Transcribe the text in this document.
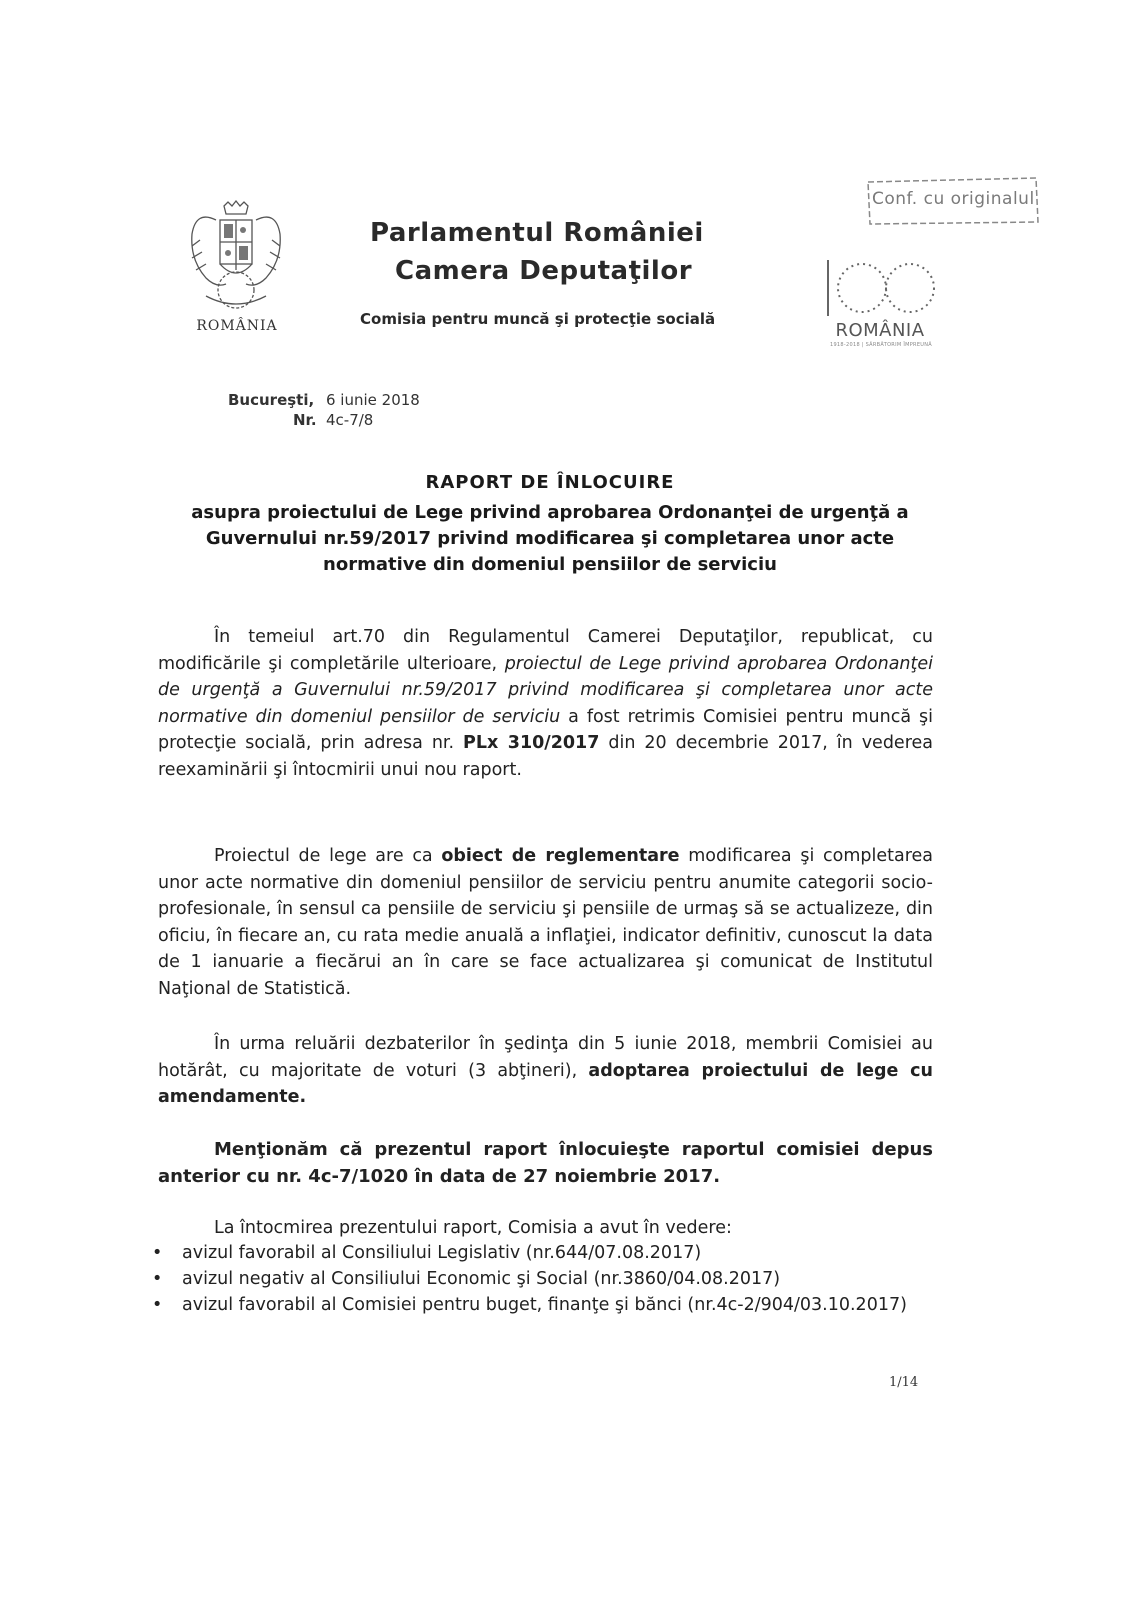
ROMÂNIA
Parlamentul României
Camera Deputaţilor
Comisia pentru muncă şi protecţie socială
Conf. cu originalul
ROMÂNIA
1918-2018 | SĂRBĂTORIM ÎMPREUNĂ
Bucureşti, 6 iunie 2018
Nr. 4c-7/8
RAPORT DE ÎNLOCUIRE
asupra proiectului de Lege privind aprobarea Ordonanţei de urgenţă a Guvernului nr.59/2017 privind modificarea şi completarea unor acte normative din domeniul pensiilor de serviciu
În temeiul art.70 din Regulamentul Camerei Deputaţilor, republicat, cu modificările şi completările ulterioare, proiectul de Lege privind aprobarea Ordonanţei de urgenţă a Guvernului nr.59/2017 privind modificarea şi completarea unor acte normative din domeniul pensiilor de serviciu a fost retrimis Comisiei pentru muncă şi protecţie socială, prin adresa nr. PLx 310/2017 din 20 decembrie 2017, în vederea reexaminării şi întocmirii unui nou raport.
Proiectul de lege are ca obiect de reglementare modificarea şi completarea unor acte normative din domeniul pensiilor de serviciu pentru anumite categorii socio-profesionale, în sensul ca pensiile de serviciu şi pensiile de urmaş să se actualizeze, din oficiu, în fiecare an, cu rata medie anuală a inflaţiei, indicator definitiv, cunoscut la data de 1 ianuarie a fiecărui an în care se face actualizarea şi comunicat de Institutul Naţional de Statistică.
În urma reluării dezbaterilor în şedinţa din 5 iunie 2018, membrii Comisiei au hotărât, cu majoritate de voturi (3 abţineri), adoptarea proiectului de lege cu amendamente.
Menţionăm că prezentul raport înlocuieşte raportul comisiei depus anterior cu nr. 4c-7/1020 în data de 27 noiembrie 2017.
La întocmirea prezentului raport, Comisia a avut în vedere:
• avizul favorabil al Consiliului Legislativ (nr.644/07.08.2017)
• avizul negativ al Consiliului Economic şi Social (nr.3860/04.08.2017)
• avizul favorabil al Comisiei pentru buget, finanţe şi bănci (nr.4c-2/904/03.10.2017)
1/14
